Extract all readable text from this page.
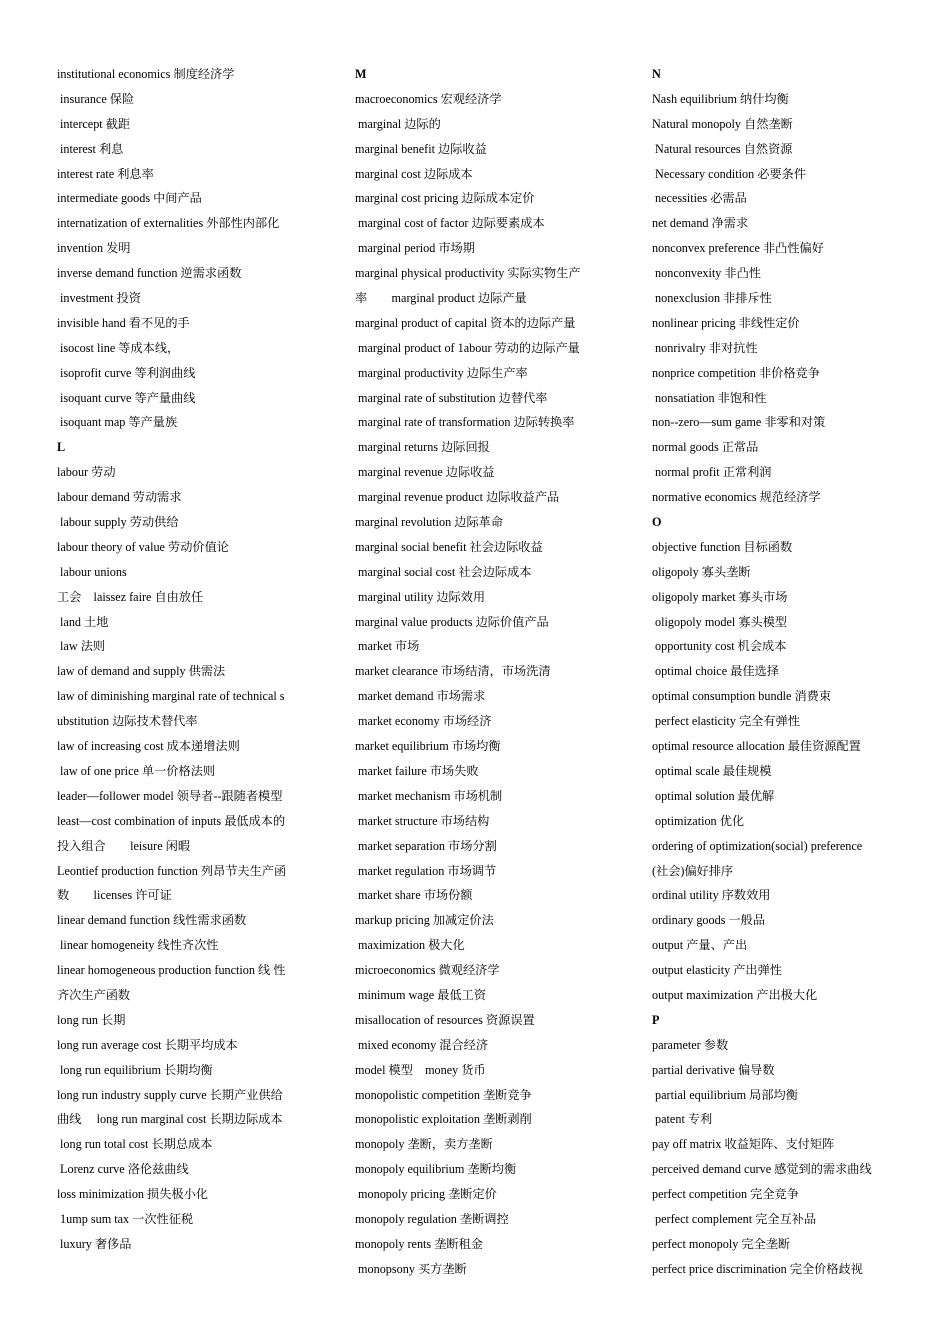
institutional economics 制度经济学
insurance 保险
intercept 截距
interest 利息
interest rate 利息率
intermediate goods 中间产品
internatization of externalities 外部性内部化
invention 发明
inverse demand function 逆需求函数
investment 投资
invisible hand 看不见的手
isocost line 等成本线，
isoprofit curve 等利润曲线
isoquant curve 等产量曲线
isoquant map 等产量族
L
labour 劳动
labour demand 劳动需求
labour supply 劳动供给
labour theory of value 劳动价值论
labour unions
工会    laissez faire 自由放任
land 土地
law 法则
law of demand and supply 供需法
law of diminishing marginal rate of technical s
ubstitution 边际技术替代率
law of increasing cost 成本递增法则
law of one price 单一价格法则
leader—follower model 领导者--跟随者模型
least—cost combination of inputs 最低成本的
投入组合        leisure 闲暇
Leontief production function 列昂节夫生产函
数        licenses 许可证
linear demand function 线性需求函数
linear homogeneity 线性齐次性
linear homogeneous production function 线 性
齐次生产函数
long run 长期
long run average cost 长期平均成本
long run equilibrium 长期均衡
long run industry supply curve 长期产业供给
曲线     long run marginal cost 长期边际成本
long run total cost 长期总成本
Lorenz curve 洛伦兹曲线
loss minimization 损失极小化
1ump sum tax 一次性征税
luxury 奢侈品
M
macroeconomics 宏观经济学
marginal 边际的
marginal benefit 边际收益
marginal cost 边际成本
marginal cost pricing 边际成本定价
marginal cost of factor 边际要素成本
marginal period 市场期
marginal physical productivity 实际实物生产
率        marginal product 边际产量
marginal product of capital 资本的边际产量
marginal product of 1abour 劳动的边际产量
marginal productivity 边际生产率
marginal rate of substitution 边替代率
marginal rate of transformation 边际转换率
marginal returns 边际回报
marginal revenue 边际收益
marginal revenue product 边际收益产品
marginal revolution 边际革命
marginal social benefit 社会边际收益
marginal social cost 社会边际成本
marginal utility 边际效用
marginal value products 边际价值产品
market 市场
market clearance 市场结清，市场洗清
market demand 市场需求
market economy 市场经济
market equilibrium 市场均衡
market failure 市场失败
market mechanism 市场机制
market structure 市场结构
market separation 市场分割
market regulation 市场调节
market share 市场份额
markup pricing 加减定价法
maximization 极大化
microeconomics 微观经济学
minimum wage 最低工资
misallocation of resources 资源误置
mixed economy 混合经济
model 模型    money 货币
monopolistic competition 垄断竞争
monopolistic exploitation 垄断剥削
monopoly 垄断，卖方垄断
monopoly equilibrium 垄断均衡
monopoly pricing 垄断定价
monopoly regulation 垄断调控
monopoly rents 垄断租金
monopsony 买方垄断
N
Nash equilibrium 纳什均衡
Natural monopoly 自然垄断
Natural resources 自然资源
Necessary condition 必要条件
necessities 必需品
net demand 净需求
nonconvex preference 非凸性偏好
nonconvexity 非凸性
nonexclusion 非排斥性
nonlinear pricing 非线性定价
nonrivalry 非对抗性
nonprice competition 非价格竞争
nonsatiation 非饱和性
non--zero—sum game 非零和对策
normal goods 正常品
normal profit 正常利润
normative economics 规范经济学
O
objective function 目标函数
oligopoly 寡头垄断
oligopoly market 寡头市场
oligopoly model 寡头模型
opportunity cost 机会成本
optimal choice 最佳选择
optimal consumption bundle 消费束
perfect elasticity 完全有弹性
optimal resource allocation 最佳资源配置
optimal scale 最佳规模
optimal solution 最优解
optimization 优化
ordering of optimization(social) preference
(社会)偏好排序
ordinal utility 序数效用
ordinary goods 一般品
output 产量、产出
output elasticity 产出弹性
output maximization 产出极大化
P
parameter 参数
partial derivative 偏导数
partial equilibrium 局部均衡
patent 专利
pay off matrix 收益矩阵、支付矩阵
perceived demand curve 感觉到的需求曲线
perfect competition 完全竞争
perfect complement 完全互补品
perfect monopoly 完全垄断
perfect price discrimination 完全价格歧视
